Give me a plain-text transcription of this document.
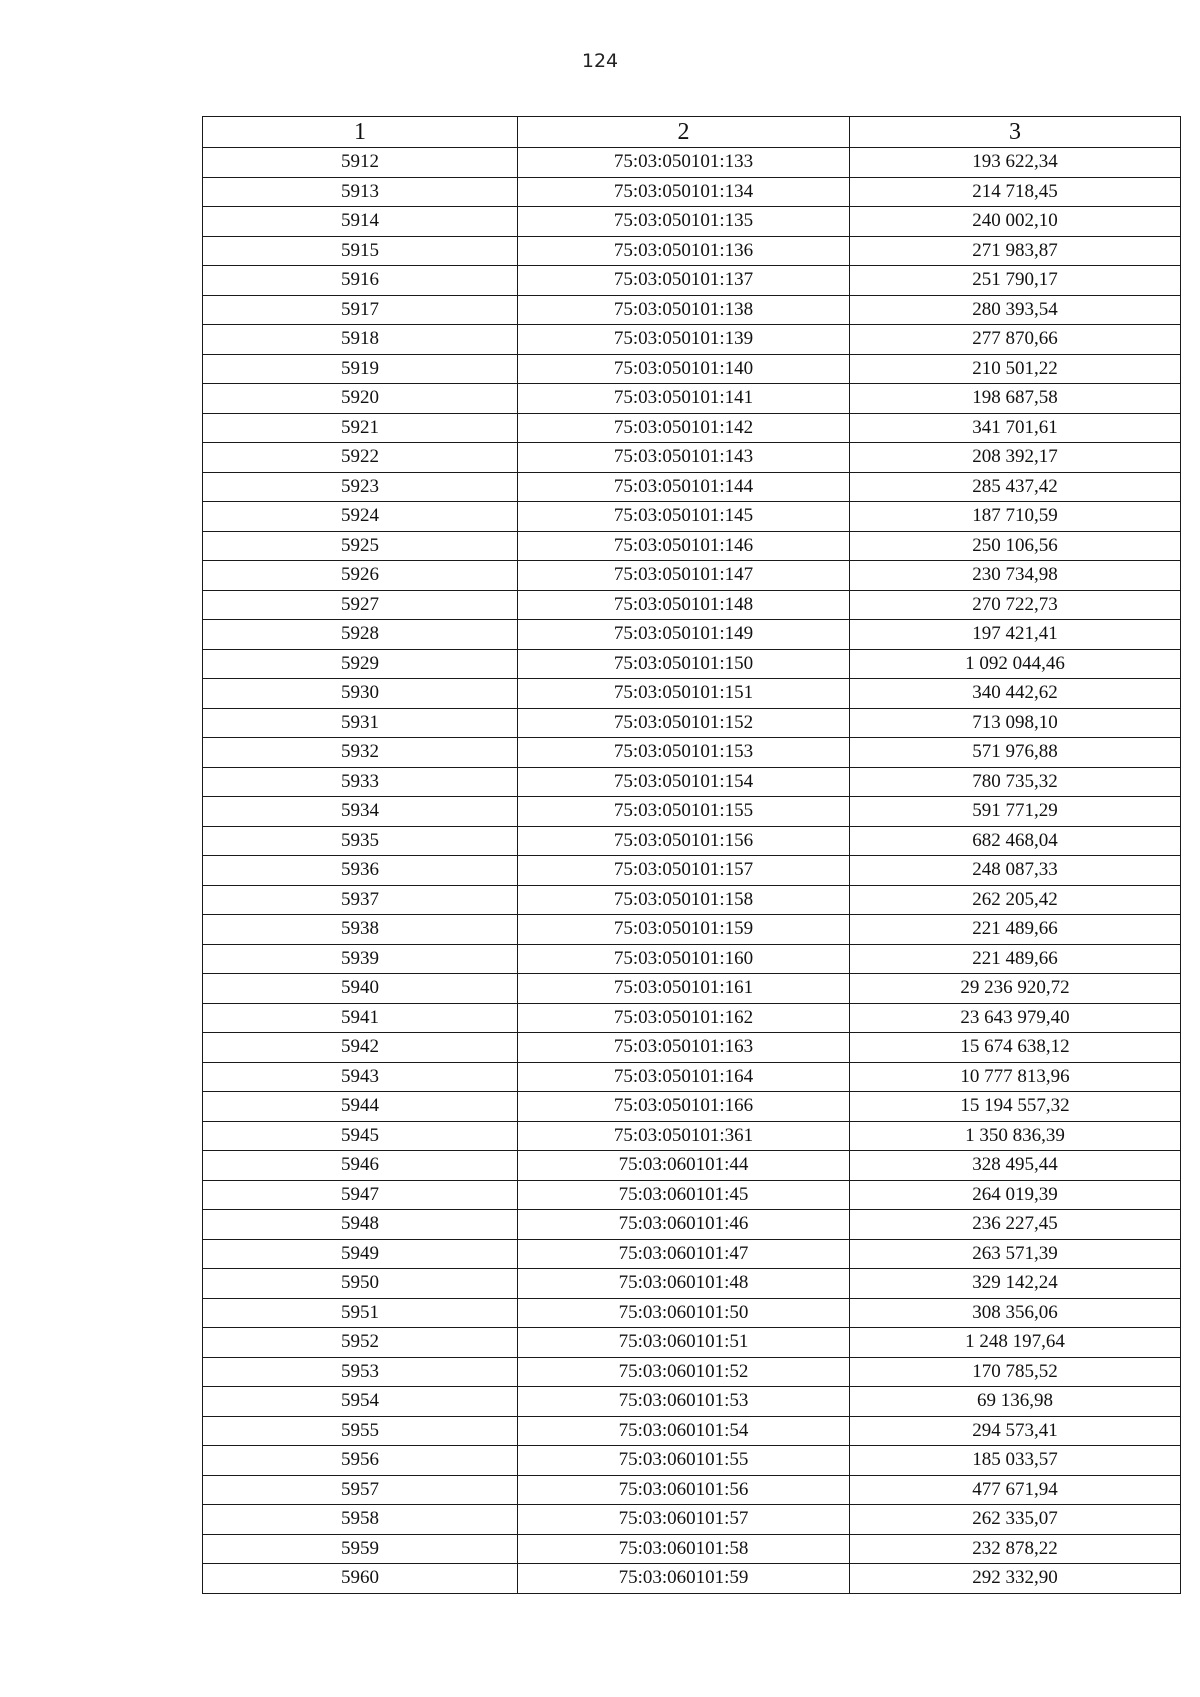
124
1	2	3
5912	75:03:050101:133	193 622,34
5913	75:03:050101:134	214 718,45
5914	75:03:050101:135	240 002,10
5915	75:03:050101:136	271 983,87
5916	75:03:050101:137	251 790,17
5917	75:03:050101:138	280 393,54
5918	75:03:050101:139	277 870,66
5919	75:03:050101:140	210 501,22
5920	75:03:050101:141	198 687,58
5921	75:03:050101:142	341 701,61
5922	75:03:050101:143	208 392,17
5923	75:03:050101:144	285 437,42
5924	75:03:050101:145	187 710,59
5925	75:03:050101:146	250 106,56
5926	75:03:050101:147	230 734,98
5927	75:03:050101:148	270 722,73
5928	75:03:050101:149	197 421,41
5929	75:03:050101:150	1 092 044,46
5930	75:03:050101:151	340 442,62
5931	75:03:050101:152	713 098,10
5932	75:03:050101:153	571 976,88
5933	75:03:050101:154	780 735,32
5934	75:03:050101:155	591 771,29
5935	75:03:050101:156	682 468,04
5936	75:03:050101:157	248 087,33
5937	75:03:050101:158	262 205,42
5938	75:03:050101:159	221 489,66
5939	75:03:050101:160	221 489,66
5940	75:03:050101:161	29 236 920,72
5941	75:03:050101:162	23 643 979,40
5942	75:03:050101:163	15 674 638,12
5943	75:03:050101:164	10 777 813,96
5944	75:03:050101:166	15 194 557,32
5945	75:03:050101:361	1 350 836,39
5946	75:03:060101:44	328 495,44
5947	75:03:060101:45	264 019,39
5948	75:03:060101:46	236 227,45
5949	75:03:060101:47	263 571,39
5950	75:03:060101:48	329 142,24
5951	75:03:060101:50	308 356,06
5952	75:03:060101:51	1 248 197,64
5953	75:03:060101:52	170 785,52
5954	75:03:060101:53	69 136,98
5955	75:03:060101:54	294 573,41
5956	75:03:060101:55	185 033,57
5957	75:03:060101:56	477 671,94
5958	75:03:060101:57	262 335,07
5959	75:03:060101:58	232 878,22
5960	75:03:060101:59	292 332,90
